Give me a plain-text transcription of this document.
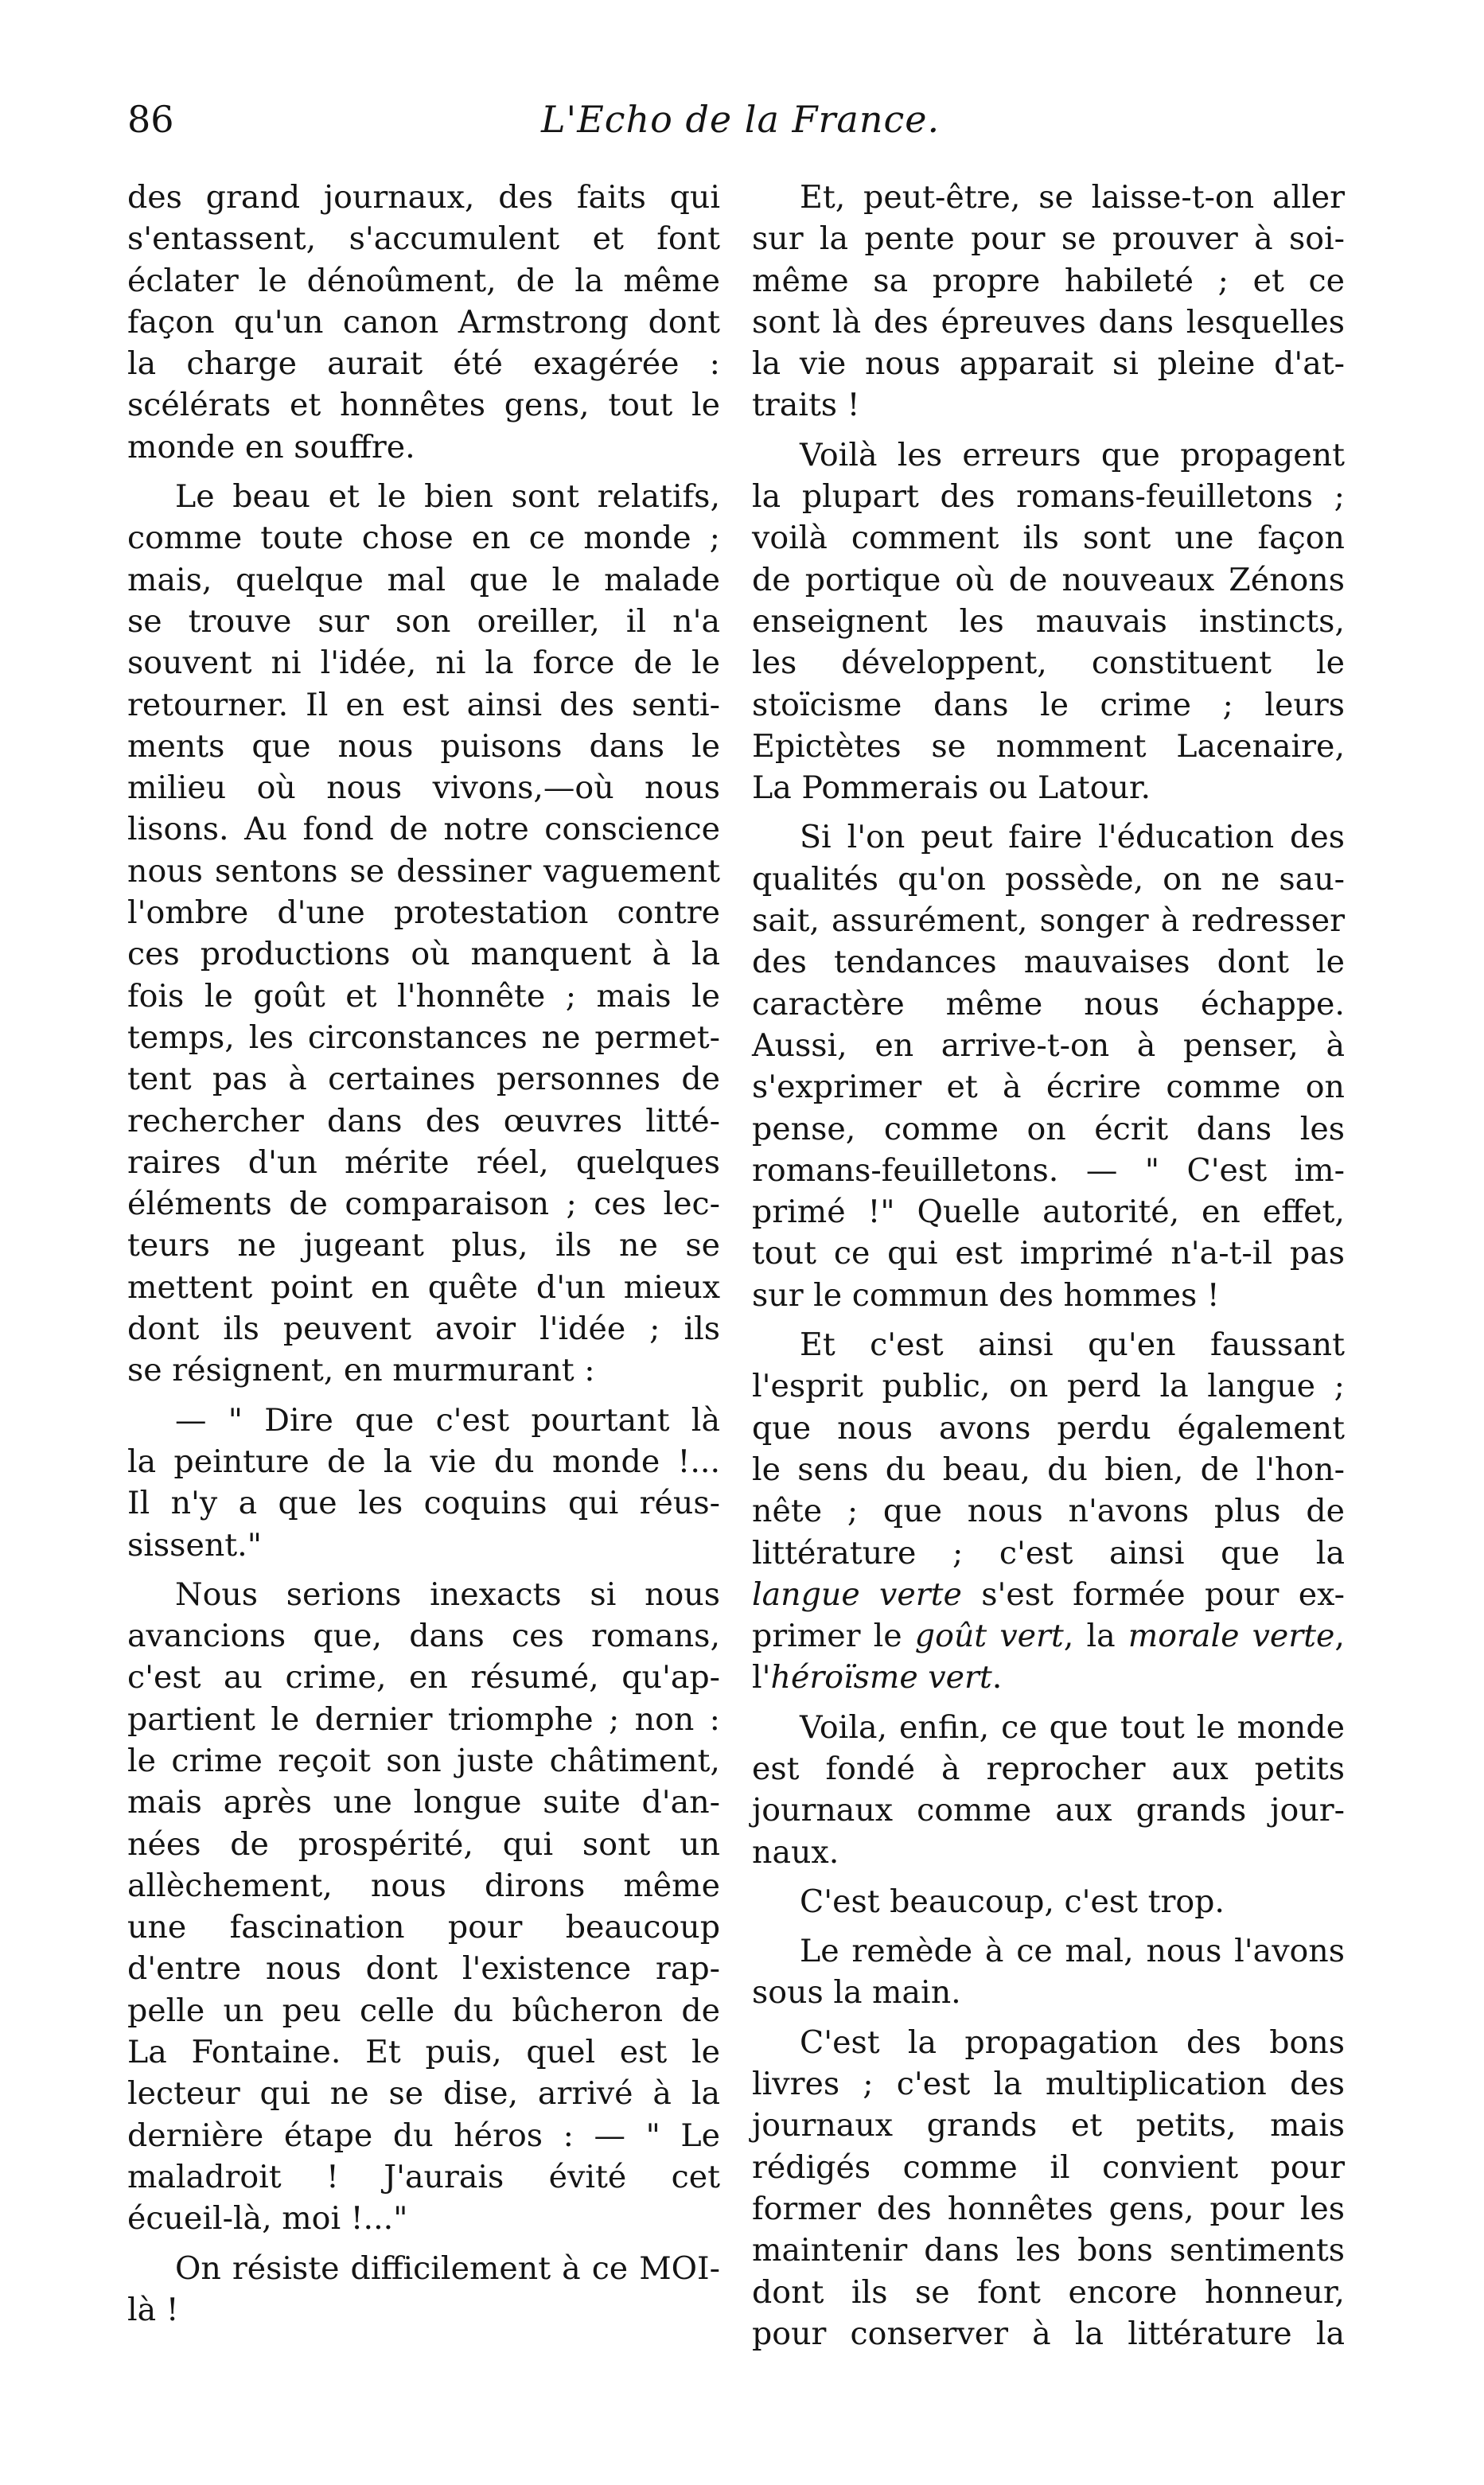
86	L'Echo de la France.
des grand journaux, des faits qui
s'entassent, s'accumulent et font
éclater le dénoûment, de la même
façon qu'un canon Armstrong dont
la charge aurait été exagérée :
scélérats et honnêtes gens, tout le
monde en souffre.
Le beau et le bien sont relatifs,
comme toute chose en ce monde ;
mais, quelque mal que le malade
se trouve sur son oreiller, il n'a
souvent ni l'idée, ni la force de le
retourner. Il en est ainsi des senti-
ments que nous puisons dans le
milieu où nous vivons,—où nous
lisons. Au fond de notre conscience
nous sentons se dessiner vaguement
l'ombre d'une protestation contre
ces productions où manquent à la
fois le goût et l'honnête ; mais le
temps, les circonstances ne permet-
tent pas à certaines personnes de
rechercher dans des œuvres litté-
raires d'un mérite réel, quelques
éléments de comparaison ; ces lec-
teurs ne jugeant plus, ils ne se
mettent point en quête d'un mieux
dont ils peuvent avoir l'idée ; ils
se résignent, en murmurant :
— " Dire que c'est pourtant là
la peinture de la vie du monde !...
Il n'y a que les coquins qui réus-
sissent."
Nous serions inexacts si nous
avancions que, dans ces romans,
c'est au crime, en résumé, qu'ap-
partient le dernier triomphe ; non :
le crime reçoit son juste châtiment,
mais après une longue suite d'an-
nées de prospérité, qui sont un
allèchement, nous dirons même
une fascination pour beaucoup
d'entre nous dont l'existence rap-
pelle un peu celle du bûcheron de
La Fontaine. Et puis, quel est le
lecteur qui ne se dise, arrivé à la
dernière étape du héros : — " Le
maladroit ! J'aurais évité cet
écueil-là, moi !..."
On résiste difficilement à ce MOI-
là !
Et, peut-être, se laisse-t-on aller
sur la pente pour se prouver à soi-
même sa propre habileté ; et ce
sont là des épreuves dans lesquelles
la vie nous apparait si pleine d'at-
traits !
Voilà les erreurs que propagent
la plupart des romans-feuilletons ;
voilà comment ils sont une façon
de portique où de nouveaux Zénons
enseignent les mauvais instincts,
les développent, constituent le
stoïcisme dans le crime ; leurs
Epictètes se nomment Lacenaire,
La Pommerais ou Latour.
Si l'on peut faire l'éducation des
qualités qu'on possède, on ne sau-
sait, assurément, songer à redresser
des tendances mauvaises dont le
caractère même nous échappe.
Aussi, en arrive-t-on à penser, à
s'exprimer et à écrire comme on
pense, comme on écrit dans les
romans-feuilletons. — " C'est im-
primé !" Quelle autorité, en effet,
tout ce qui est imprimé n'a-t-il pas
sur le commun des hommes !
Et c'est ainsi qu'en faussant
l'esprit public, on perd la langue ;
que nous avons perdu également
le sens du beau, du bien, de l'hon-
nête ; que nous n'avons plus de
littérature ; c'est ainsi que la
langue verte s'est formée pour ex-
primer le goût vert, la morale verte,
l'héroïsme vert.
Voila, enfin, ce que tout le monde
est fondé à reprocher aux petits
journaux comme aux grands jour-
naux.
C'est beaucoup, c'est trop.
Le remède à ce mal, nous l'avons
sous la main.
C'est la propagation des bons
livres ; c'est la multiplication des
journaux grands et petits, mais
rédigés comme il convient pour
former des honnêtes gens, pour les
maintenir dans les bons sentiments
dont ils se font encore honneur,
pour conserver à la littérature la
